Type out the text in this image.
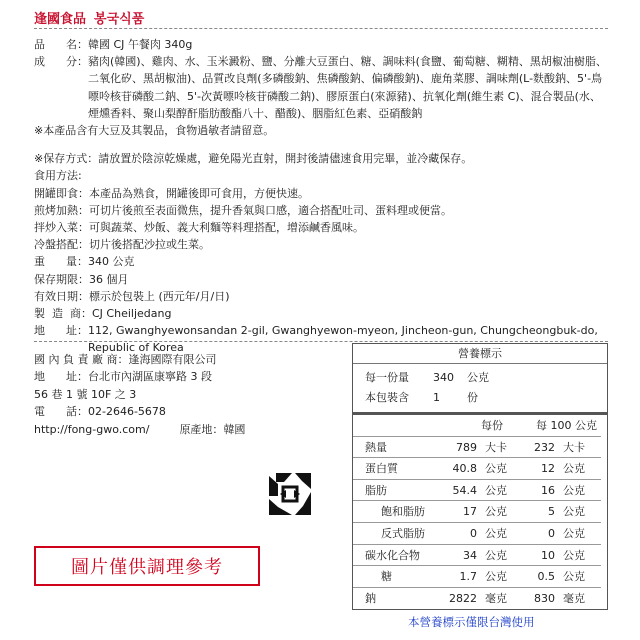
逢國食品 봉국식품
品      名： 韓國 CJ 午餐肉 340g
成      分： 豬肉(韓國)、雞肉、水、玉米澱粉、鹽、分離大豆蛋白、糖、調味料(食鹽、葡萄糖、糊精、黑胡椒油樹脂、二氧化矽、黑胡椒油)、品質改良劑(多磷酸鈉、焦磷酸鈉、偏磷酸鈉)、鹿角菜膠、調味劑(L-麩酸鈉、5'-鳥嘌呤核苷磷酸二鈉、5'-次黃嘌呤核苷磷酸二鈉)、膠原蛋白(來源豬)、抗氧化劑(維生素 C)、混合製品(水、煙燻香料、聚山梨醇酐脂肪酸酯八十、醋酸)、胭脂紅色素、亞硝酸鈉
※本產品含有大豆及其製品，食物過敏者請留意。
※保存方式：請放置於陰涼乾燥處，避免陽光直射，開封後請儘速食用完畢，並冷藏保存。
食用方法:
開罐即食： 本產品為熟食，開罐後即可食用，方便快速。
煎烤加熱： 可切片後煎至表面微焦，提升香氣與口感，適合搭配吐司、蛋料理或便當。
拌炒入菜： 可與蔬菜、炒飯、義大利麵等料理搭配，增添鹹香風味。
冷盤搭配： 切片後搭配沙拉或生菜。
重      量： 340 公克
保存期限： 36 個月
有效日期： 標示於包裝上 (西元年/月/日)
製  造  商： CJ Cheiljedang
地      址： 112, Gwanghyewonsandan 2-gil, Gwanghyewon-myeon, Jincheon-gun, Chungcheongbuk-do, Republic of Korea
國 內 負 責 廠 商：逢海國際有限公司
地      址：台北市內湖區康寧路 3 段
56 巷 1 號 10F 之 3
電      話：02-2646-5678
http://fong-gwo.com/	原產地： 韓國
圖片僅供調理參考
營養標示
每一份量	340	公克
本包裝含	1	份
每份	每 100 公克
熱量	789 大卡	232 大卡
蛋白質	40.8 公克	12 公克
脂肪	54.4 公克	16 公克
飽和脂肪	17 公克	5 公克
反式脂肪	0 公克	0 公克
碳水化合物	34 公克	10 公克
糖	1.7 公克	0.5 公克
鈉	2822 毫克	830 毫克
本營養標示僅限台灣使用
